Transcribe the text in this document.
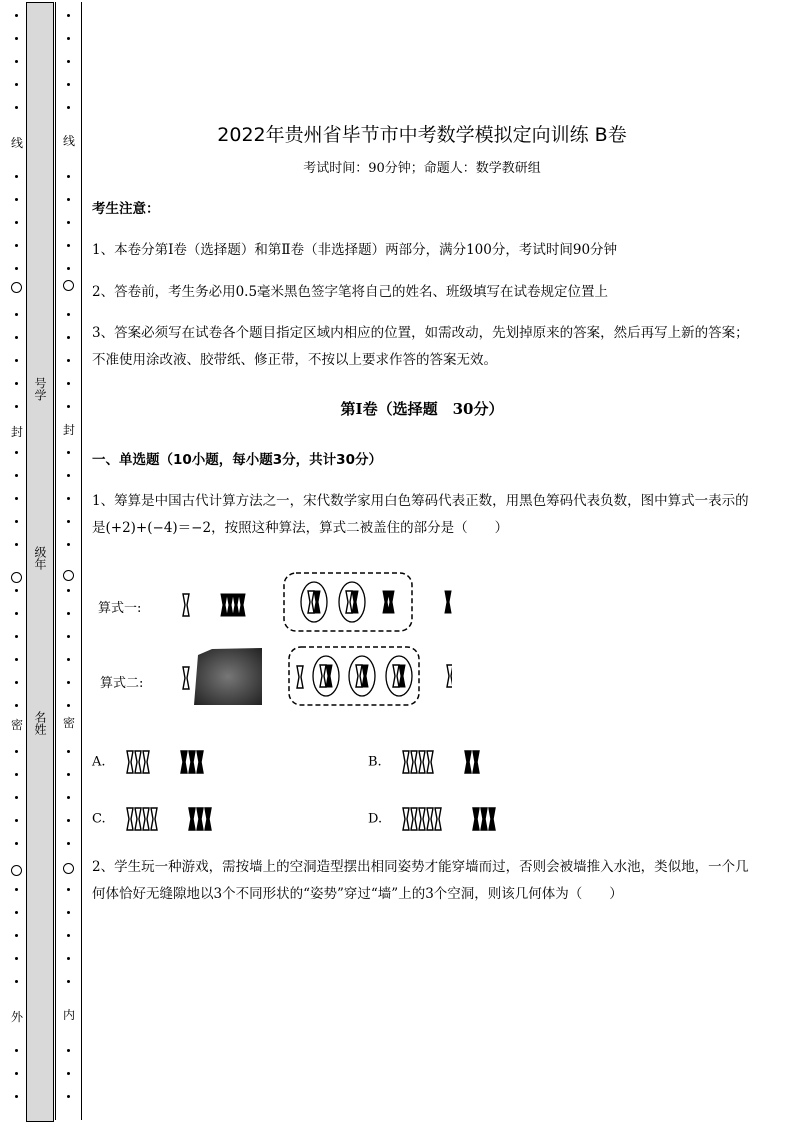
线
封
密
外
号学
级年
名姓
线
封
密
内
2022年贵州省毕节市中考数学模拟定向训练 B卷
考试时间：90分钟；命题人：数学教研组
考生注意：
1、本卷分第Ⅰ卷（选择题）和第Ⅱ卷（非选择题）两部分，满分100分，考试时间90分钟
2、答卷前，考生务必用0.5毫米黑色签字笔将自己的姓名、班级填写在试卷规定位置上
3、答案必须写在试卷各个题目指定区域内相应的位置，如需改动，先划掉原来的答案，然后再写上新的答案；不准使用涂改液、胶带纸、修正带，不按以上要求作答的答案无效。
第Ⅰ卷（选择题　30分）
一、单选题（10小题，每小题3分，共计30分）
1、筹算是中国古代计算方法之一，宋代数学家用白色筹码代表正数，用黑色筹码代表负数，图中算式一表示的是(+2)+(−4)＝−2，按照这种算法，算式二被盖住的部分是（　　）
算式一:
算式二:
A.	B.
C.	D.
2、学生玩一种游戏，需按墙上的空洞造型摆出相同姿势才能穿墙而过，否则会被墙推入水池，类似地，一个几何体恰好无缝隙地以3个不同形状的“姿势”穿过“墙”上的3个空洞，则该几何体为（　　）
